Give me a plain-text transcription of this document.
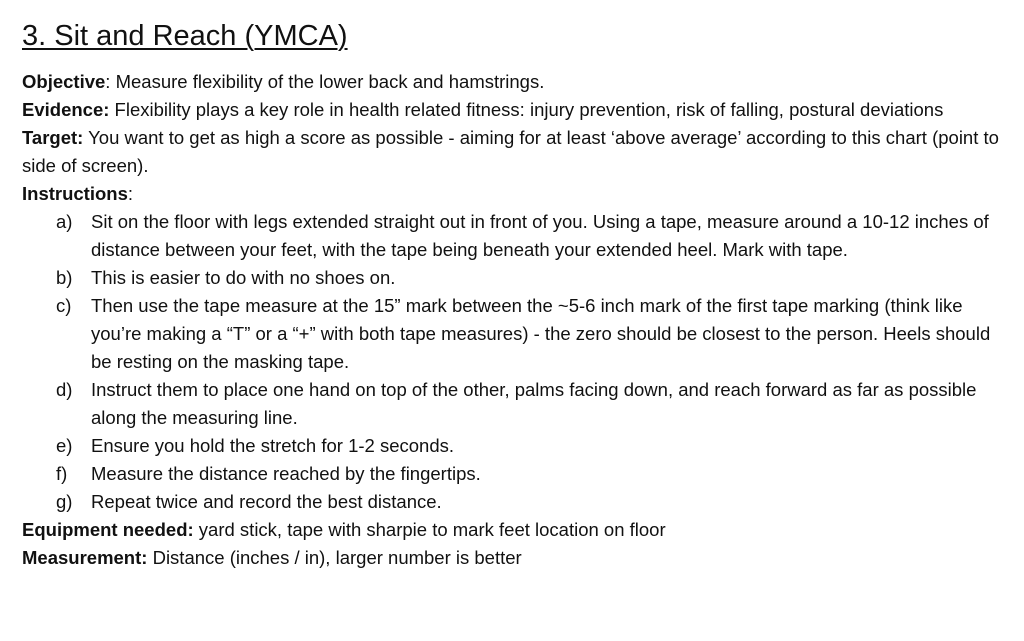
3. Sit and Reach (YMCA)

Objective: Measure flexibility of the lower back and hamstrings.

Evidence: Flexibility plays a key role in health related fitness: injury prevention, risk of falling, postural deviations

Target: You want to get as high a score as possible - aiming for at least ‘above average’ according to this chart (point to side of screen).

Instructions:

a) Sit on the floor with legs extended straight out in front of you. Using a tape, measure around a 10-12 inches of distance between your feet, with the tape being beneath your extended heel. Mark with tape.
b) This is easier to do with no shoes on.
c) Then use the tape measure at the 15” mark between the ~5-6 inch mark of the first tape marking (think like you’re making a “T” or a “+” with both tape measures) - the zero should be closest to the person. Heels should be resting on the masking tape.
d) Instruct them to place one hand on top of the other, palms facing down, and reach forward as far as possible along the measuring line.
e) Ensure you hold the stretch for 1-2 seconds.
f) Measure the distance reached by the fingertips.
g) Repeat twice and record the best distance.

Equipment needed: yard stick, tape with sharpie to mark feet location on floor

Measurement: Distance (inches / in), larger number is better
